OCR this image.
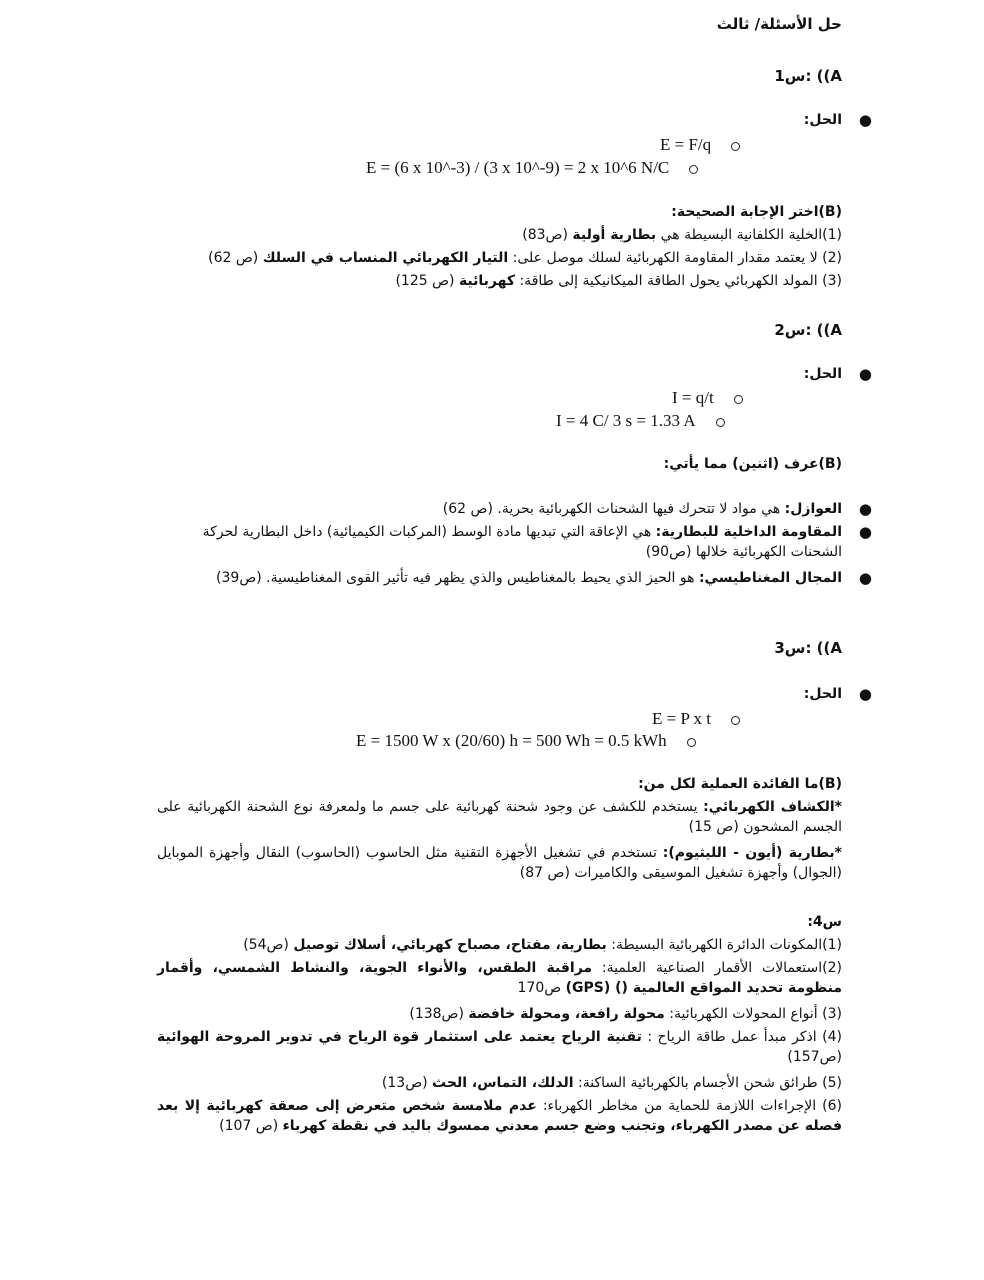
حل الأسئلة/ ثالث
س1: ((A
●
الحل:
E = F/q
E = (6 x 10^-3) / (3 x 10^-9) = 2 x 10^6 N/C
(B)اختر الإجابة الصحيحة:
(1)الخلية الكلفانية البسيطة هي بطارية أولية (ص83)
(2) لا يعتمد مقدار المقاومة الكهربائية لسلك موصل على: التيار الكهربائي المنساب في السلك (ص 62)
(3) المولد الكهربائي يحول الطاقة الميكانيكية إلى طاقة: كهربائية (ص 125)
س2: ((A
●
الحل:
I = q/t
I = 4 C/ 3 s = 1.33 A
(B)عرف (اثنين) مما يأتي:
●
العوازل: هي مواد لا تتحرك فيها الشحنات الكهربائية بحرية. (ص 62)
●
المقاومة الداخلية للبطارية: هي الإعاقة التي تبديها مادة الوسط (المركبات الكيميائية) داخل البطارية لحركة الشحنات الكهربائية خلالها (ص90)
●
المجال المغناطيسي: هو الحيز الذي يحيط بالمغناطيس والذي يظهر فيه تأثير القوى المغناطيسية. (ص39)
س3: ((A
●
الحل:
E = P x t
E = 1500 W x (20/60) h = 500 Wh = 0.5 kWh
(B)ما الفائدة العملية لكل من:
*الكشاف الكهربائي: يستخدم للكشف عن وجود شحنة كهربائية على جسم ما ولمعرفة نوع الشحنة الكهربائية على الجسم المشحون (ص 15)
*بطارية (أيون - الليثيوم): تستخدم في تشغيل الأجهزة التقنية مثل الحاسوب (الحاسوب) النقال وأجهزة الموبايل (الجوال) وأجهزة تشغيل الموسيقى والكاميرات (ص 87)
س4:
(1)المكونات الدائرة الكهربائية البسيطة: بطارية، مفتاح، مصباح كهربائي، أسلاك توصيل (ص54)
(2)استعمالات الأقمار الصناعية العلمية: مراقبة الطقس، والأنواء الجوية، والنشاط الشمسي، وأقمار منظومة تحديد المواقع العالمية () (GPS) ص170
(3) أنواع المحولات الكهربائية: محولة رافعة، ومحولة خافضة (ص138)
(4) اذكر مبدأ عمل طاقة الرياح : تقنية الرياح يعتمد على استثمار قوة الرياح في تدوير المروحة الهوائية (ص157)
(5) طرائق شحن الأجسام بالكهربائية الساكنة: الدلك، التماس، الحث (ص13)
(6) الإجراءات اللازمة للحماية من مخاطر الكهرباء: عدم ملامسة شخص متعرض إلى صعقة كهربائية إلا بعد فصله عن مصدر الكهرباء، وتجنب وضع جسم معدني ممسوك باليد في نقطة كهرباء (ص 107)
